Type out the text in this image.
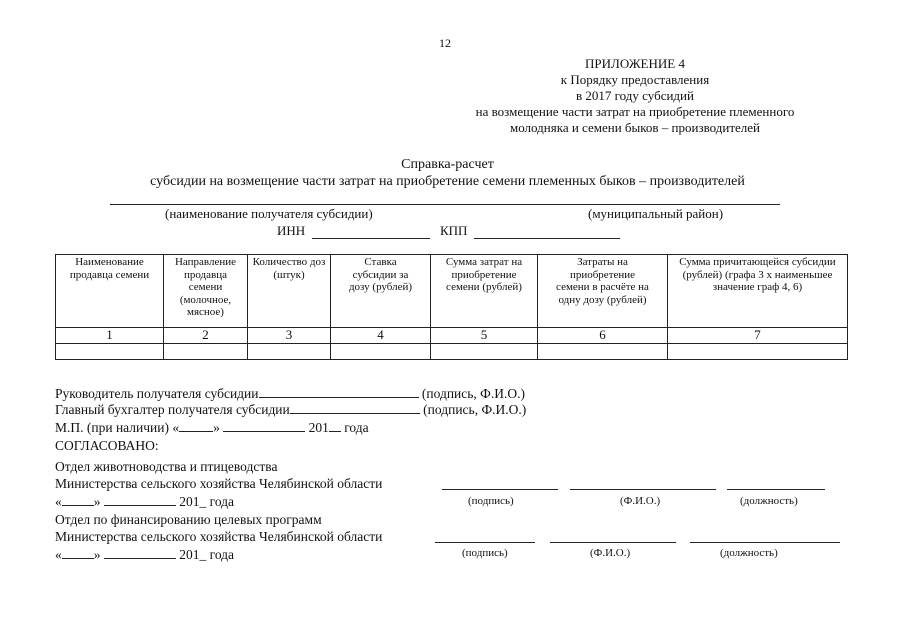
12
ПРИЛОЖЕНИЕ 4
к Порядку предоставления
в 2017 году субсидий
на возмещение части затрат на приобретение племенного
молодняка и семени быков – производителей
Справка-расчет
субсидии на возмещение части затрат на приобретение семени племенных быков – производителей
(наименование получателя субсидии)	(муниципальный район)
ИНН	КПП
Наименование продавца семени	Направление продавца семени (молочное, мясное)	Количество доз (штук)	Ставка субсидии за дозу (рублей)	Сумма затрат на приобретение семени (рублей)	Затраты на приобретение семени в расчёте на одну дозу (рублей)	Сумма причитающейся субсидии (рублей) (графа 3 х наименьшее значение граф 4, 6)
1	2	3	4	5	6	7

Руководитель получателя субсидии	(подпись, Ф.И.О.)
Главный бухгалтер получателя субсидии	(подпись, Ф.И.О.)
М.П. (при наличии) «	»	201 года
СОГЛАСОВАНО:
Отдел животноводства и птицеводства
Министерства сельского хозяйства Челябинской области
« »	201_ года	(подпись)	(Ф.И.О.)	(должность)
Отдел по финансированию целевых программ
Министерства сельского хозяйства Челябинской области
« »	201_ года	(подпись)	(Ф.И.О.)	(должность)
